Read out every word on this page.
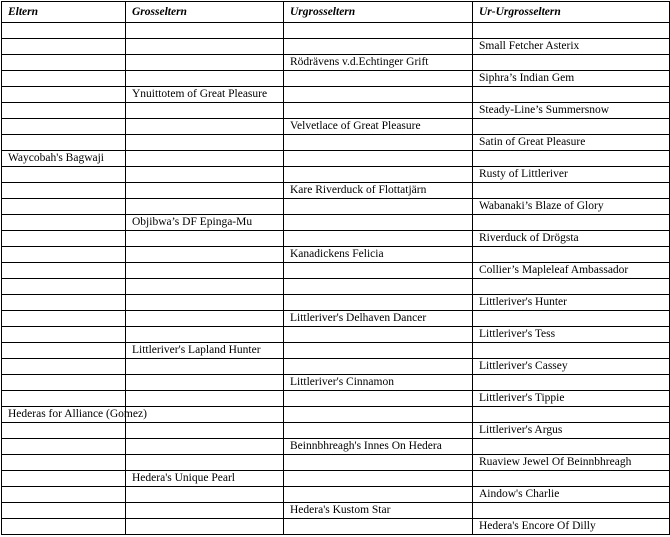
Eltern	Grosseltern	Urgrosseltern	Ur-Urgrosseltern

			Small Fetcher Asterix
		Rödrävens v.d.Echtinger Grift	
			Siphra’s Indian Gem
	Ynuittotem of Great Pleasure		
			Steady-Line’s Summersnow
		Velvetlace of Great Pleasure	
			Satin of Great Pleasure
Waycobah's Bagwaji			
			Rusty of Littleriver
		Kare Riverduck of Flottatjärn	
			Wabanaki’s Blaze of Glory
	Objibwa’s DF Epinga-Mu		
			Riverduck of Drögsta
		Kanadickens Felicia	
			Collier’s Mapleleaf Ambassador

			Littleriver's Hunter
		Littleriver's Delhaven Dancer	
			Littleriver's Tess
	Littleriver's Lapland Hunter		
			Littleriver's Cassey
		Littleriver's Cinnamon	
			Littleriver's Tippie
Hederas for Alliance (Gomez)			
			Littleriver's Argus
		Beinnbhreagh's Innes On Hedera	
			Ruaview Jewel Of Beinnbhreagh
	Hedera's Unique Pearl		
			Aindow's Charlie
		Hedera's Kustom Star	
			Hedera's Encore Of Dilly
